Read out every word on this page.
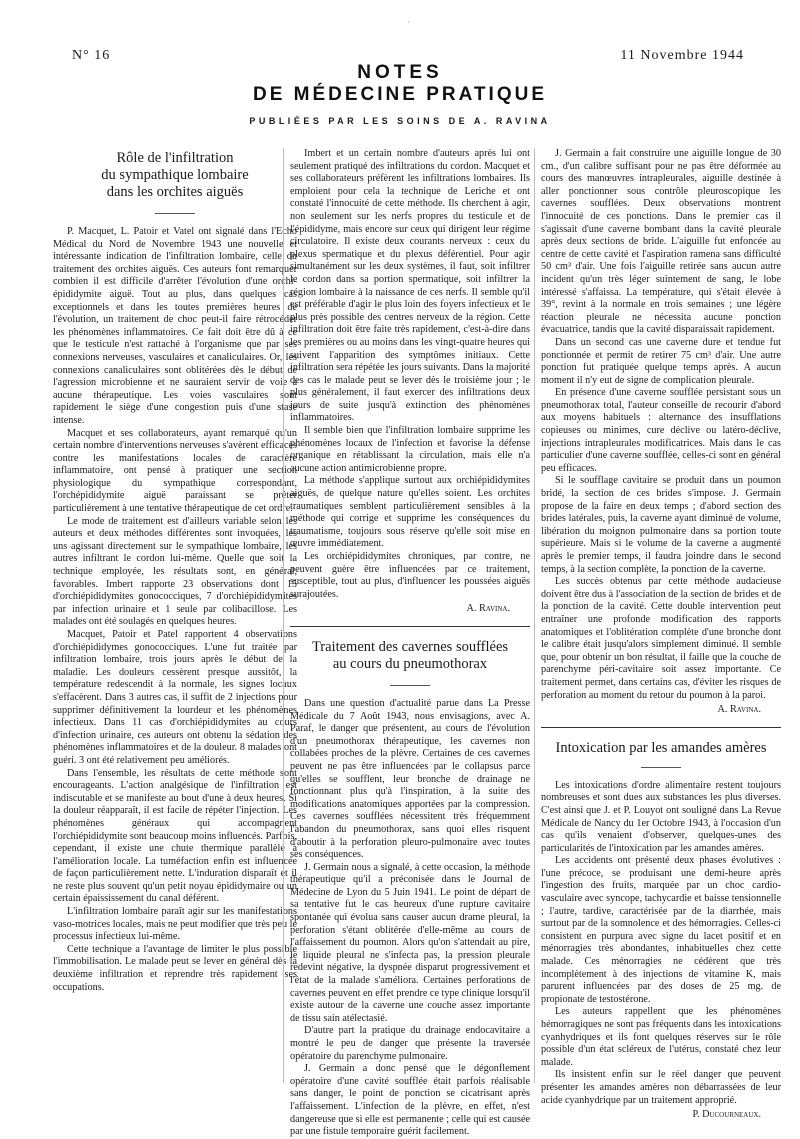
·
N° 16	11 Novembre 1944
NOTES
DE MÉDECINE PRATIQUE
PUBLIÉES PAR LES SOINS DE A. RAVINA
Rôle de l'infiltration
du sympathique lombaire
dans les orchites aiguës

P. Macquet, L. Patoir et Vatel ont signalé dans l'Echo Médical du Nord de Novembre 1943 une nouvelle et intéressante indication de l'infiltration lombaire, celle du traitement des orchites aiguës. Ces auteurs font remarquer combien il est difficile d'arrêter l'évolution d'une orchi-épididymite aiguë. Tout au plus, dans quelques cas exceptionnels et dans les toutes premières heures de l'évolution, un traitement de choc peut-il faire rétrocéder les phénomènes inflammatoires. Ce fait doit être dû à ce que le testicule n'est rattaché à l'organisme que par ses connexions nerveuses, vasculaires et canaliculaires. Or, les connexions canaliculaires sont oblitérées dès le début de l'agression microbienne et ne sauraient servir de voie à aucune thérapeutique. Les voies vasculaires sont rapidement le siège d'une congestion puis d'une stase intense.

Macquet et ses collaborateurs, ayant remarqué qu'un certain nombre d'interventions nerveuses s'avèrent efficaces contre les manifestations locales de caractère inflammatoire, ont pensé à pratiquer une section physiologique du sympathique correspondant, l'orchépididymite aiguë paraissant se prêter particulièrement à une tentative thérapeutique de cet ordre.

Le mode de traitement est d'ailleurs variable selon les auteurs et deux méthodes différentes sont invoquées, les uns agissant directement sur le sympathique lombaire, les autres infiltrant le cordon lui-même. Quelle que soit la technique employée, les résultats sont, en général, favorables. Imbert rapporte 23 observations dont 15 d'orchiépididymites gonococciques, 7 d'orchiépididymites par infection urinaire et 1 seule par colibacillose. Les malades ont été soulagés en quelques heures.

Macquet, Patoir et Patel rapportent 4 observations d'orchiépididymes gonococciques. L'une fut traitée par infiltration lombaire, trois jours après le début de la maladie. Les douleurs cessèrent presque aussitôt, la température redescendit à la normale, les signes locaux s'effacèrent. Dans 3 autres cas, il suffit de 2 injections pour supprimer définitivement la lourdeur et les phénomènes infectieux. Dans 11 cas d'orchiépididymites au cours d'infection urinaire, ces auteurs ont obtenu la sédation des phénomènes inflammatoires et de la douleur. 8 malades ont guéri. 3 ont été relativement peu améliorés.

Dans l'ensemble, les résultats de cette méthode sont encourageants. L'action analgésique de l'infiltration est indiscutable et se manifeste au bout d'une à deux heures. Si la douleur réapparaît, il est facile de répéter l'injection. Les phénomènes généraux qui accompagnent l'orchiépididymite sont beaucoup moins influencés. Parfois, cependant, il existe une chute thermique parallèle à l'amélioration locale. La tuméfaction enfin est influencée de façon particulièrement nette. L'induration disparaît et il ne reste plus souvent qu'un petit noyau épididymaire ou un certain épaississement du canal déférent.

L'infiltration lombaire paraît agir sur les manifestations vaso-motrices locales, mais ne peut modifier que très peu le processus infectieux lui-même.

Cette technique a l'avantage de limiter le plus possible l'immobilisation. Le malade peut se lever en général dès la deuxième infiltration et reprendre très rapidement ses occupations.

Imbert et un certain nombre d'auteurs après lui ont seulement pratiqué des infiltrations du cordon. Macquet et ses collaborateurs préfèrent les infiltrations lombaires. Ils emploient pour cela la technique de Leriche et ont constaté l'innocuité de cette méthode. Ils cherchent à agir, non seulement sur les nerfs propres du testicule et de l'épididyme, mais encore sur ceux qui dirigent leur régime circulatoire. Il existe deux courants nerveux : ceux du plexus spermatique et du plexus déférentiel. Pour agir simultanément sur les deux systèmes, il faut, soit infiltrer le cordon dans sa portion spermatique, soit infiltrer la région lombaire à la naissance de ces nerfs. Il semble qu'il est préférable d'agir le plus loin des foyers infectieux et le plus près possible des centres nerveux de la région. Cette infiltration doit être faite très rapidement, c'est-à-dire dans les premières ou au moins dans les vingt-quatre heures qui suivent l'apparition des symptômes initiaux. Cette infiltration sera répétée les jours suivants. Dans la majorité des cas le malade peut se lever dès le troisième jour ; le plus généralement, il faut exercer des infiltrations deux jours de suite jusqu'à extinction des phénomènes inflammatoires.

Il semble bien que l'infiltration lombaire supprime les phénomènes locaux de l'infection et favorise la défense organique en rétablissant la circulation, mais elle n'a aucune action antimicrobienne propre.

La méthode s'applique surtout aux orchiépididymites aiguës, de quelque nature qu'elles soient. Les orchites traumatiques semblent particulièrement sensibles à la méthode qui corrige et supprime les conséquences du traumatisme, toujours sous réserve qu'elle soit mise en œuvre immédiatement.

Les orchiépididymites chroniques, par contre, ne peuvent guère être influencées par ce traitement, susceptible, tout au plus, d'influencer les poussées aiguës surajoutées.

A. Ravina.

Traitement des cavernes soufflées
au cours du pneumothorax

Dans une question d'actualité parue dans La Presse Médicale du 7 Août 1943, nous envisagions, avec A. Paraf, le danger que présentent, au cours de l'évolution d'un pneumothorax thérapeutique, les cavernes non collabées proches de la plèvre. Certaines de ces cavernes peuvent ne pas être influencées par le collapsus parce qu'elles se soufflent, leur bronche de drainage ne fonctionnant plus qu'à l'inspiration, à la suite des modifications anatomiques apportées par la compression. Ces cavernes soufflées nécessitent très fréquemment l'abandon du pneumothorax, sans quoi elles risquent d'aboutir à la perforation pleuro-pulmonaire avec toutes ses conséquences.

J. Germain nous a signalé, à cette occasion, la méthode thérapeutique qu'il a préconisée dans le Journal de Médecine de Lyon du 5 Juin 1941. Le point de départ de sa tentative fut le cas heureux d'une rupture cavitaire spontanée qui évolua sans causer aucun drame pleural, la perforation s'étant oblitérée d'elle-même au cours de l'affaissement du poumon. Alors qu'on s'attendait au pire, le liquide pleural ne s'infecta pas, la pression pleurale redevint négative, la dyspnée disparut progressivement et l'état de la malade s'améliora. Certaines perforations de cavernes peuvent en effet prendre ce type clinique lorsqu'il existe autour de la caverne une couche assez importante de tissu sain atélectasié.

D'autre part la pratique du drainage endocavitaire a montré le peu de danger que présente la traversée opératoire du parenchyme pulmonaire.

J. Germain a donc pensé que le dégonflement opératoire d'une cavité soufflée était parfois réalisable sans danger, le point de ponction se cicatrisant après l'affaissement. L'infection de la plèvre, en effet, n'est dangereuse que si elle est permanente ; celle qui est causée par une fistule temporaire guérit facilement.

J. Germain a fait construire une aiguille longue de 30 cm., d'un calibre suffisant pour ne pas être déformée au cours des manœuvres intrapleurales, aiguille destinée à aller ponctionner sous contrôle pleuroscopique les cavernes soufflées. Deux observations montrent l'innocuité de ces ponctions. Dans le premier cas il s'agissait d'une caverne bombant dans la cavité pleurale après deux sections de bride. L'aiguille fut enfoncée au centre de cette cavité et l'aspiration ramena sans difficulté 50 cm³ d'air. Une fois l'aiguille retirée sans aucun autre incident qu'un très léger suintement de sang, le lobe intéressé s'affaissa. La température, qui s'était élevée à 39°, revint à la normale en trois semaines ; une légère réaction pleurale ne nécessita aucune ponction évacuatrice, tandis que la cavité disparaissait rapidement.

Dans un second cas une caverne dure et tendue fut ponctionnée et permit de retirer 75 cm³ d'air. Une autre ponction fut pratiquée quelque temps après. A aucun moment il n'y eut de signe de complication pleurale.

En présence d'une caverne soufflée persistant sous un pneumothorax total, l'auteur conseille de recourir d'abord aux moyens habituels : alternance des insufflations copieuses ou minimes, cure déclive ou latéro-déclive, injections intrapleurales modificatrices. Mais dans le cas particulier d'une caverne soufflée, celles-ci sont en général peu efficaces.

Si le soufflage cavitaire se produit dans un poumon bridé, la section de ces brides s'impose. J. Germain propose de la faire en deux temps ; d'abord section des brides latérales, puis, la caverne ayant diminué de volume, libération du moignon pulmonaire dans sa portion toute supérieure. Mais si le volume de la caverne a augmenté après le premier temps, il faudra joindre dans le second temps, à la section complète, la ponction de la caverne.

Les succès obtenus par cette méthode audacieuse doivent être dus à l'association de la section de brides et de la ponction de la cavité. Cette double intervention peut entraîner une profonde modification des rapports anatomiques et l'oblitération complète d'une bronche dont le calibre était jusqu'alors simplement diminué. Il semble que, pour obtenir un bon résultat, il faille que la couche de parenchyme péri-cavitaire soit assez importante. Ce traitement permet, dans certains cas, d'éviter les risques de perforation au moment du retour du poumon à la paroi.

A. Ravina.

Intoxication par les amandes amères

Les intoxications d'ordre alimentaire restent toujours nombreuses et sont dues aux substances les plus diverses. C'est ainsi que J. et P. Louyot ont souligné dans La Revue Médicale de Nancy du 1er Octobre 1943, à l'occasion d'un cas qu'ils venaient d'observer, quelques-unes des particularités de l'intoxication par les amandes amères.

Les accidents ont présenté deux phases évolutives : l'une précoce, se produisant une demi-heure après l'ingestion des fruits, marquée par un choc cardio-vasculaire avec syncope, tachycardie et baisse tensionnelle ; l'autre, tardive, caractérisée par de la diarrhée, mais surtout par de la somnolence et des hémorragies. Celles-ci consistent en purpura avec signe du lacet positif et en ménorragies très abondantes, inhabituelles chez cette malade. Ces ménorragies ne cédèrent que très incomplètement à des injections de vitamine K, mais parurent influencées par des doses de 25 mg. de propionate de testostérone.

Les auteurs rappellent que les phénomènes hémorragiques ne sont pas fréquents dans les intoxications cyanhydriques et ils font quelques réserves sur le rôle possible d'un état scléreux de l'utérus, constaté chez leur malade.

Ils insistent enfin sur le réel danger que peuvent présenter les amandes amères non débarrassées de leur acide cyanhydrique par un traitement approprié.

P. Ducourneaux.
